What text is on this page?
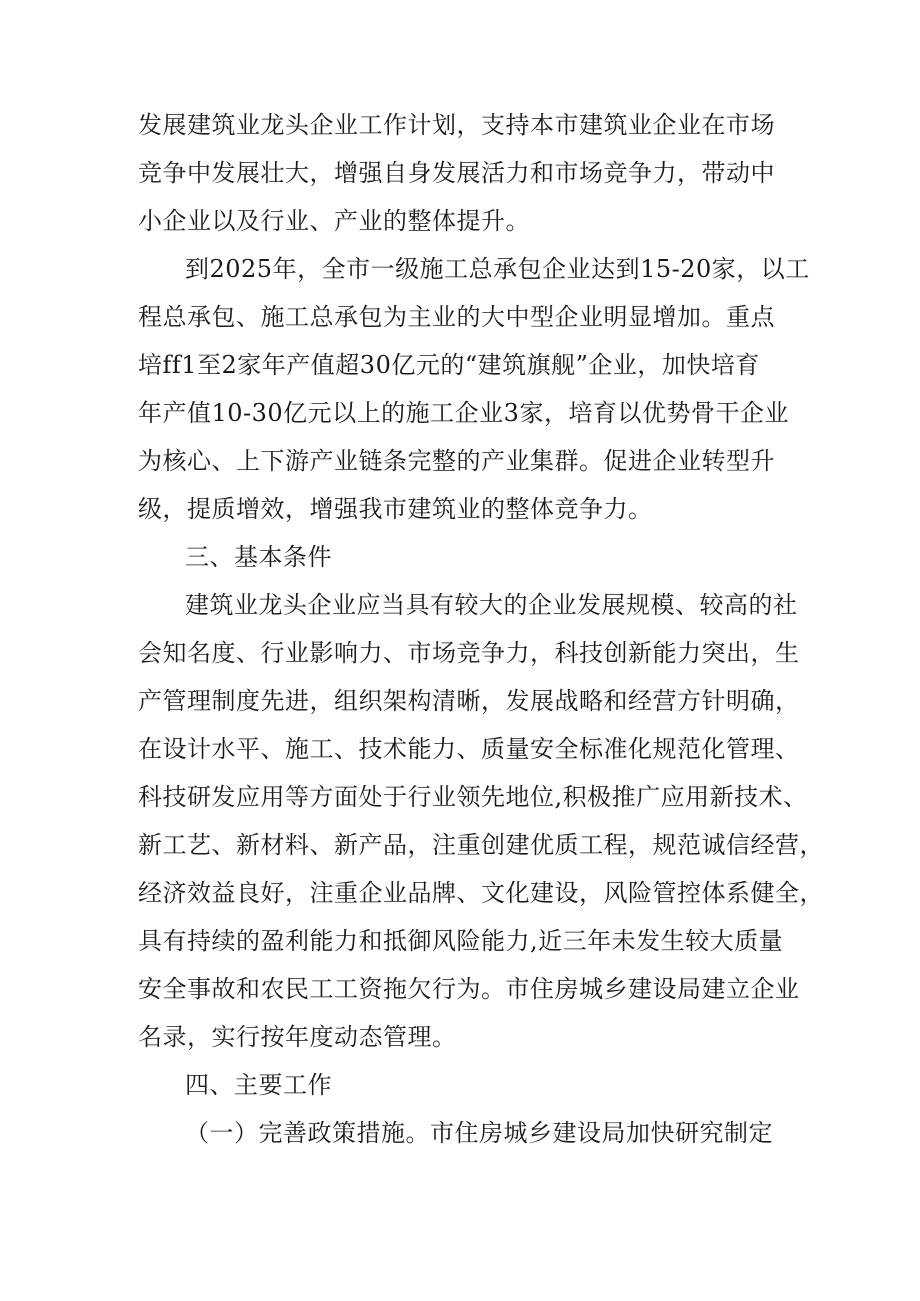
发展建筑业龙头企业工作计划，支持本市建筑业企业在市场
竞争中发展壮大，增强自身发展活力和市场竞争力，带动中
小企业以及行业、产业的整体提升。
到2025年，全市一级施工总承包企业达到15-20家，以工
程总承包、施工总承包为主业的大中型企业明显增加。重点
培ff1至2家年产值超30亿元的“建筑旗舰”企业，加快培育
年产值10-30亿元以上的施工企业3家，培育以优势骨干企业
为核心、上下游产业链条完整的产业集群。促进企业转型升
级，提质增效，增强我市建筑业的整体竞争力。
三、基本条件
建筑业龙头企业应当具有较大的企业发展规模、较高的社
会知名度、行业影响力、市场竞争力，科技创新能力突出，生
产管理制度先进，组织架构清晰，发展战略和经营方针明确，
在设计水平、施工、技术能力、质量安全标准化规范化管理、
科技研发应用等方面处于行业领先地位,积极推广应用新技术、
新工艺、新材料、新产品，注重创建优质工程，规范诚信经营，
经济效益良好，注重企业品牌、文化建设，风险管控体系健全，
具有持续的盈利能力和抵御风险能力,近三年未发生较大质量
安全事故和农民工工资拖欠行为。市住房城乡建设局建立企业
名录，实行按年度动态管理。
四、主要工作
（一）完善政策措施。市住房城乡建设局加快研究制定
